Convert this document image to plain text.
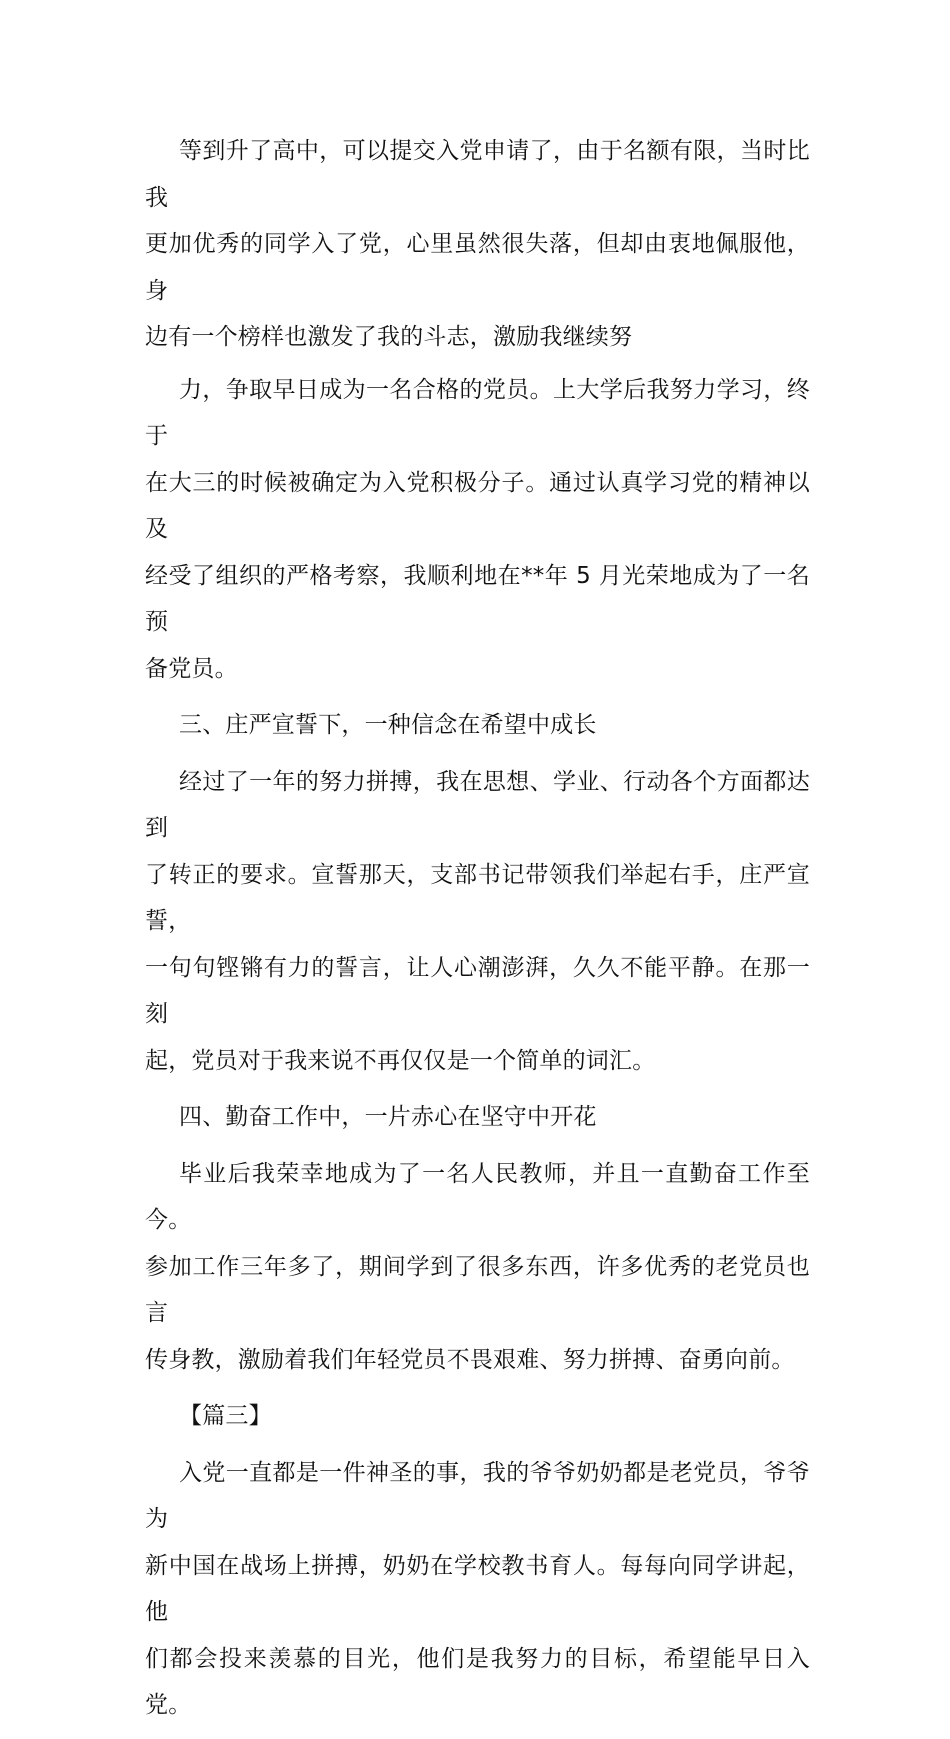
等到升了高中，可以提交入党申请了，由于名额有限，当时比我
更加优秀的同学入了党，心里虽然很失落，但却由衷地佩服他，身
边有一个榜样也激发了我的斗志，激励我继续努

力，争取早日成为一名合格的党员。上大学后我努力学习，终于
在大三的时候被确定为入党积极分子。通过认真学习党的精神以及
经受了组织的严格考察，我顺利地在**年 5 月光荣地成为了一名预
备党员。

三、庄严宣誓下，一种信念在希望中成长

经过了一年的努力拼搏，我在思想、学业、行动各个方面都达到
了转正的要求。宣誓那天，支部书记带领我们举起右手，庄严宣誓，
一句句铿锵有力的誓言，让人心潮澎湃，久久不能平静。在那一刻
起，党员对于我来说不再仅仅是一个简单的词汇。

四、勤奋工作中，一片赤心在坚守中开花

毕业后我荣幸地成为了一名人民教师，并且一直勤奋工作至今。
参加工作三年多了，期间学到了很多东西，许多优秀的老党员也言
传身教，激励着我们年轻党员不畏艰难、努力拼搏、奋勇向前。

【篇三】

入党一直都是一件神圣的事，我的爷爷奶奶都是老党员，爷爷为
新中国在战场上拼搏，奶奶在学校教书育人。每每向同学讲起，他
们都会投来羡慕的目光，他们是我努力的目标，希望能早日入党。
